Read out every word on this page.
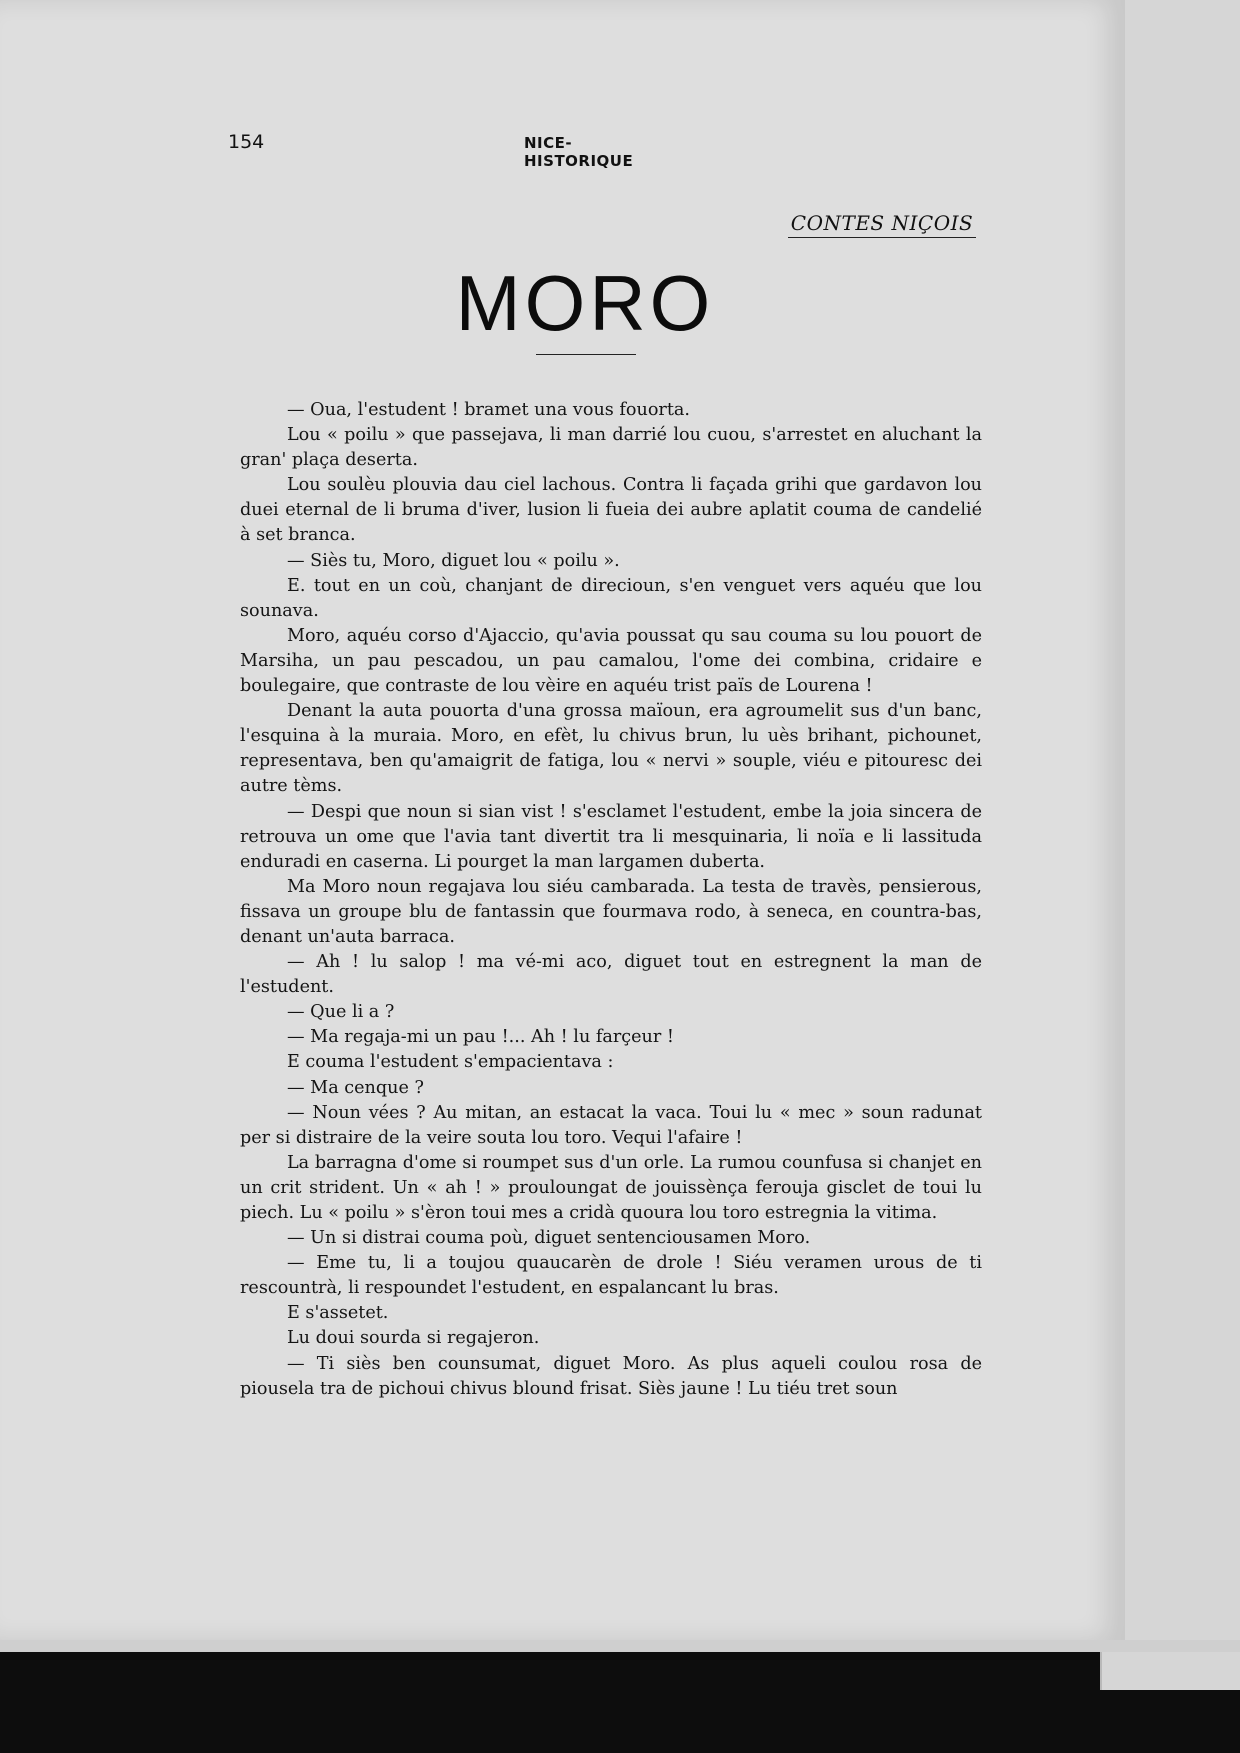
154	NICE-HISTORIQUE
CONTES NIÇOIS
MORO

— Oua, l'estudent ! bramet una vous fouorta.

Lou « poilu » que passejava, li man darrié lou cuou, s'arrestet en aluchant la gran' plaça deserta.

Lou soulèu plouvia dau ciel lachous. Contra li façada grihi que gardavon lou duei eternal de li bruma d'iver, lusion li fueia dei aubre aplatit couma de candelié à set branca.

— Siès tu, Moro, diguet lou « poilu ».

E. tout en un coù, chanjant de direcioun, s'en venguet vers aquéu que lou sounava.

Moro, aquéu corso d'Ajaccio, qu'avia poussat qu sau couma su lou pouort de Marsiha, un pau pescadou, un pau camalou, l'ome dei combina, cridaire e boulegaire, que contraste de lou vèire en aquéu trist païs de Lourena !

Denant la auta pouorta d'una grossa maïoun, era agroumelit sus d'un banc, l'esquina à la muraia. Moro, en efèt, lu chivus brun, lu uès brihant, pichounet, representava, ben qu'amaigrit de fatiga, lou « nervi » souple, viéu e pitouresc dei autre tèms.

— Despi que noun si sian vist ! s'esclamet l'estudent, embe la joia sincera de retrouva un ome que l'avia tant divertit tra li mesquinaria, li noïa e li lassituda enduradi en caserna. Li pourget la man largamen duberta.

Ma Moro noun regajava lou siéu cambarada. La testa de travès, pensierous, fissava un groupe blu de fantassin que fourmava rodo, à seneca, en countra-bas, denant un'auta barraca.

— Ah ! lu salop ! ma vé-mi aco, diguet tout en estregnent la man de l'estudent.

— Que li a ?

— Ma regaja-mi un pau !... Ah ! lu farçeur !

E couma l'estudent s'empacientava :

— Ma cenque ?

— Noun vées ? Au mitan, an estacat la vaca. Toui lu « mec » soun radunat per si distraire de la veire souta lou toro. Vequi l'afaire !

La barragna d'ome si roumpet sus d'un orle. La rumou counfusa si chanjet en un crit strident. Un « ah ! » prouloungat de jouissènça ferouja gisclet de toui lu piech. Lu « poilu » s'èron toui mes a cridà quoura lou toro estregnia la vitima.

— Un si distrai couma poù, diguet sentenciousamen Moro.

— Eme tu, li a toujou quaucarèn de drole ! Siéu veramen urous de ti rescountrà, li respoundet l'estudent, en espalancant lu bras.

E s'assetet.

Lu doui sourda si regajeron.

— Ti siès ben counsumat, diguet Moro. As plus aqueli coulou rosa de piousela tra de pichoui chivus blound frisat. Siès jaune ! Lu tiéu tret soun
